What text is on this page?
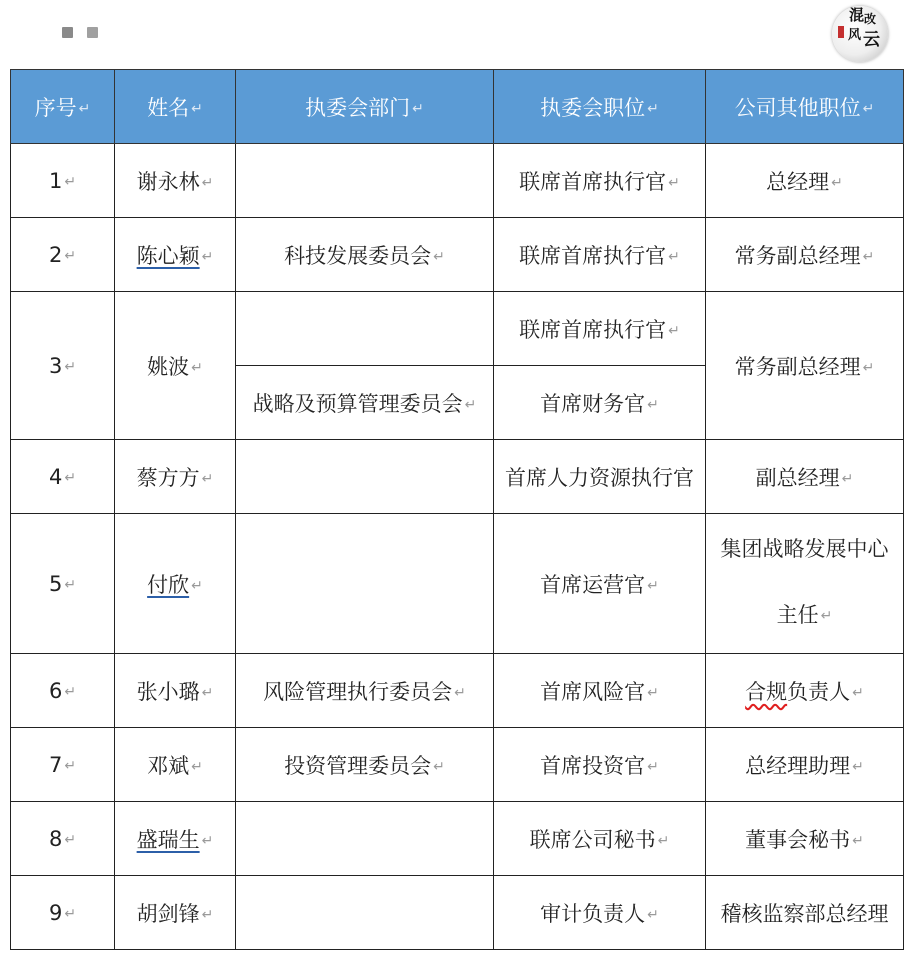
混 改
风 云
序号 ↵	姓名 ↵	执委会部门 ↵	执委会职位 ↵	公司其他职位 ↵
1 ↵	谢永林 ↵		联席首席执行官 ↵	总经理 ↵
2 ↵	陈心颖 ↵	科技发展委员会 ↵	联席首席执行官 ↵	常务副总经理 ↵
3 ↵	姚波 ↵		联席首席执行官 ↵	常务副总经理 ↵
		战略及预算管理委员会 ↵	首席财务官 ↵	
4 ↵	蔡方方 ↵		首席人力资源执行官	副总经理 ↵
5 ↵	付欣 ↵		首席运营官 ↵	集团战略发展中心
主任 ↵
6 ↵	张小璐 ↵	风险管理执行委员会 ↵	首席风险官 ↵	合规负责人 ↵
7 ↵	邓斌 ↵	投资管理委员会 ↵	首席投资官 ↵	总经理助理 ↵
8 ↵	盛瑞生 ↵		联席公司秘书 ↵	董事会秘书 ↵
9 ↵	胡剑锋 ↵		审计负责人 ↵	稽核监察部总经理
